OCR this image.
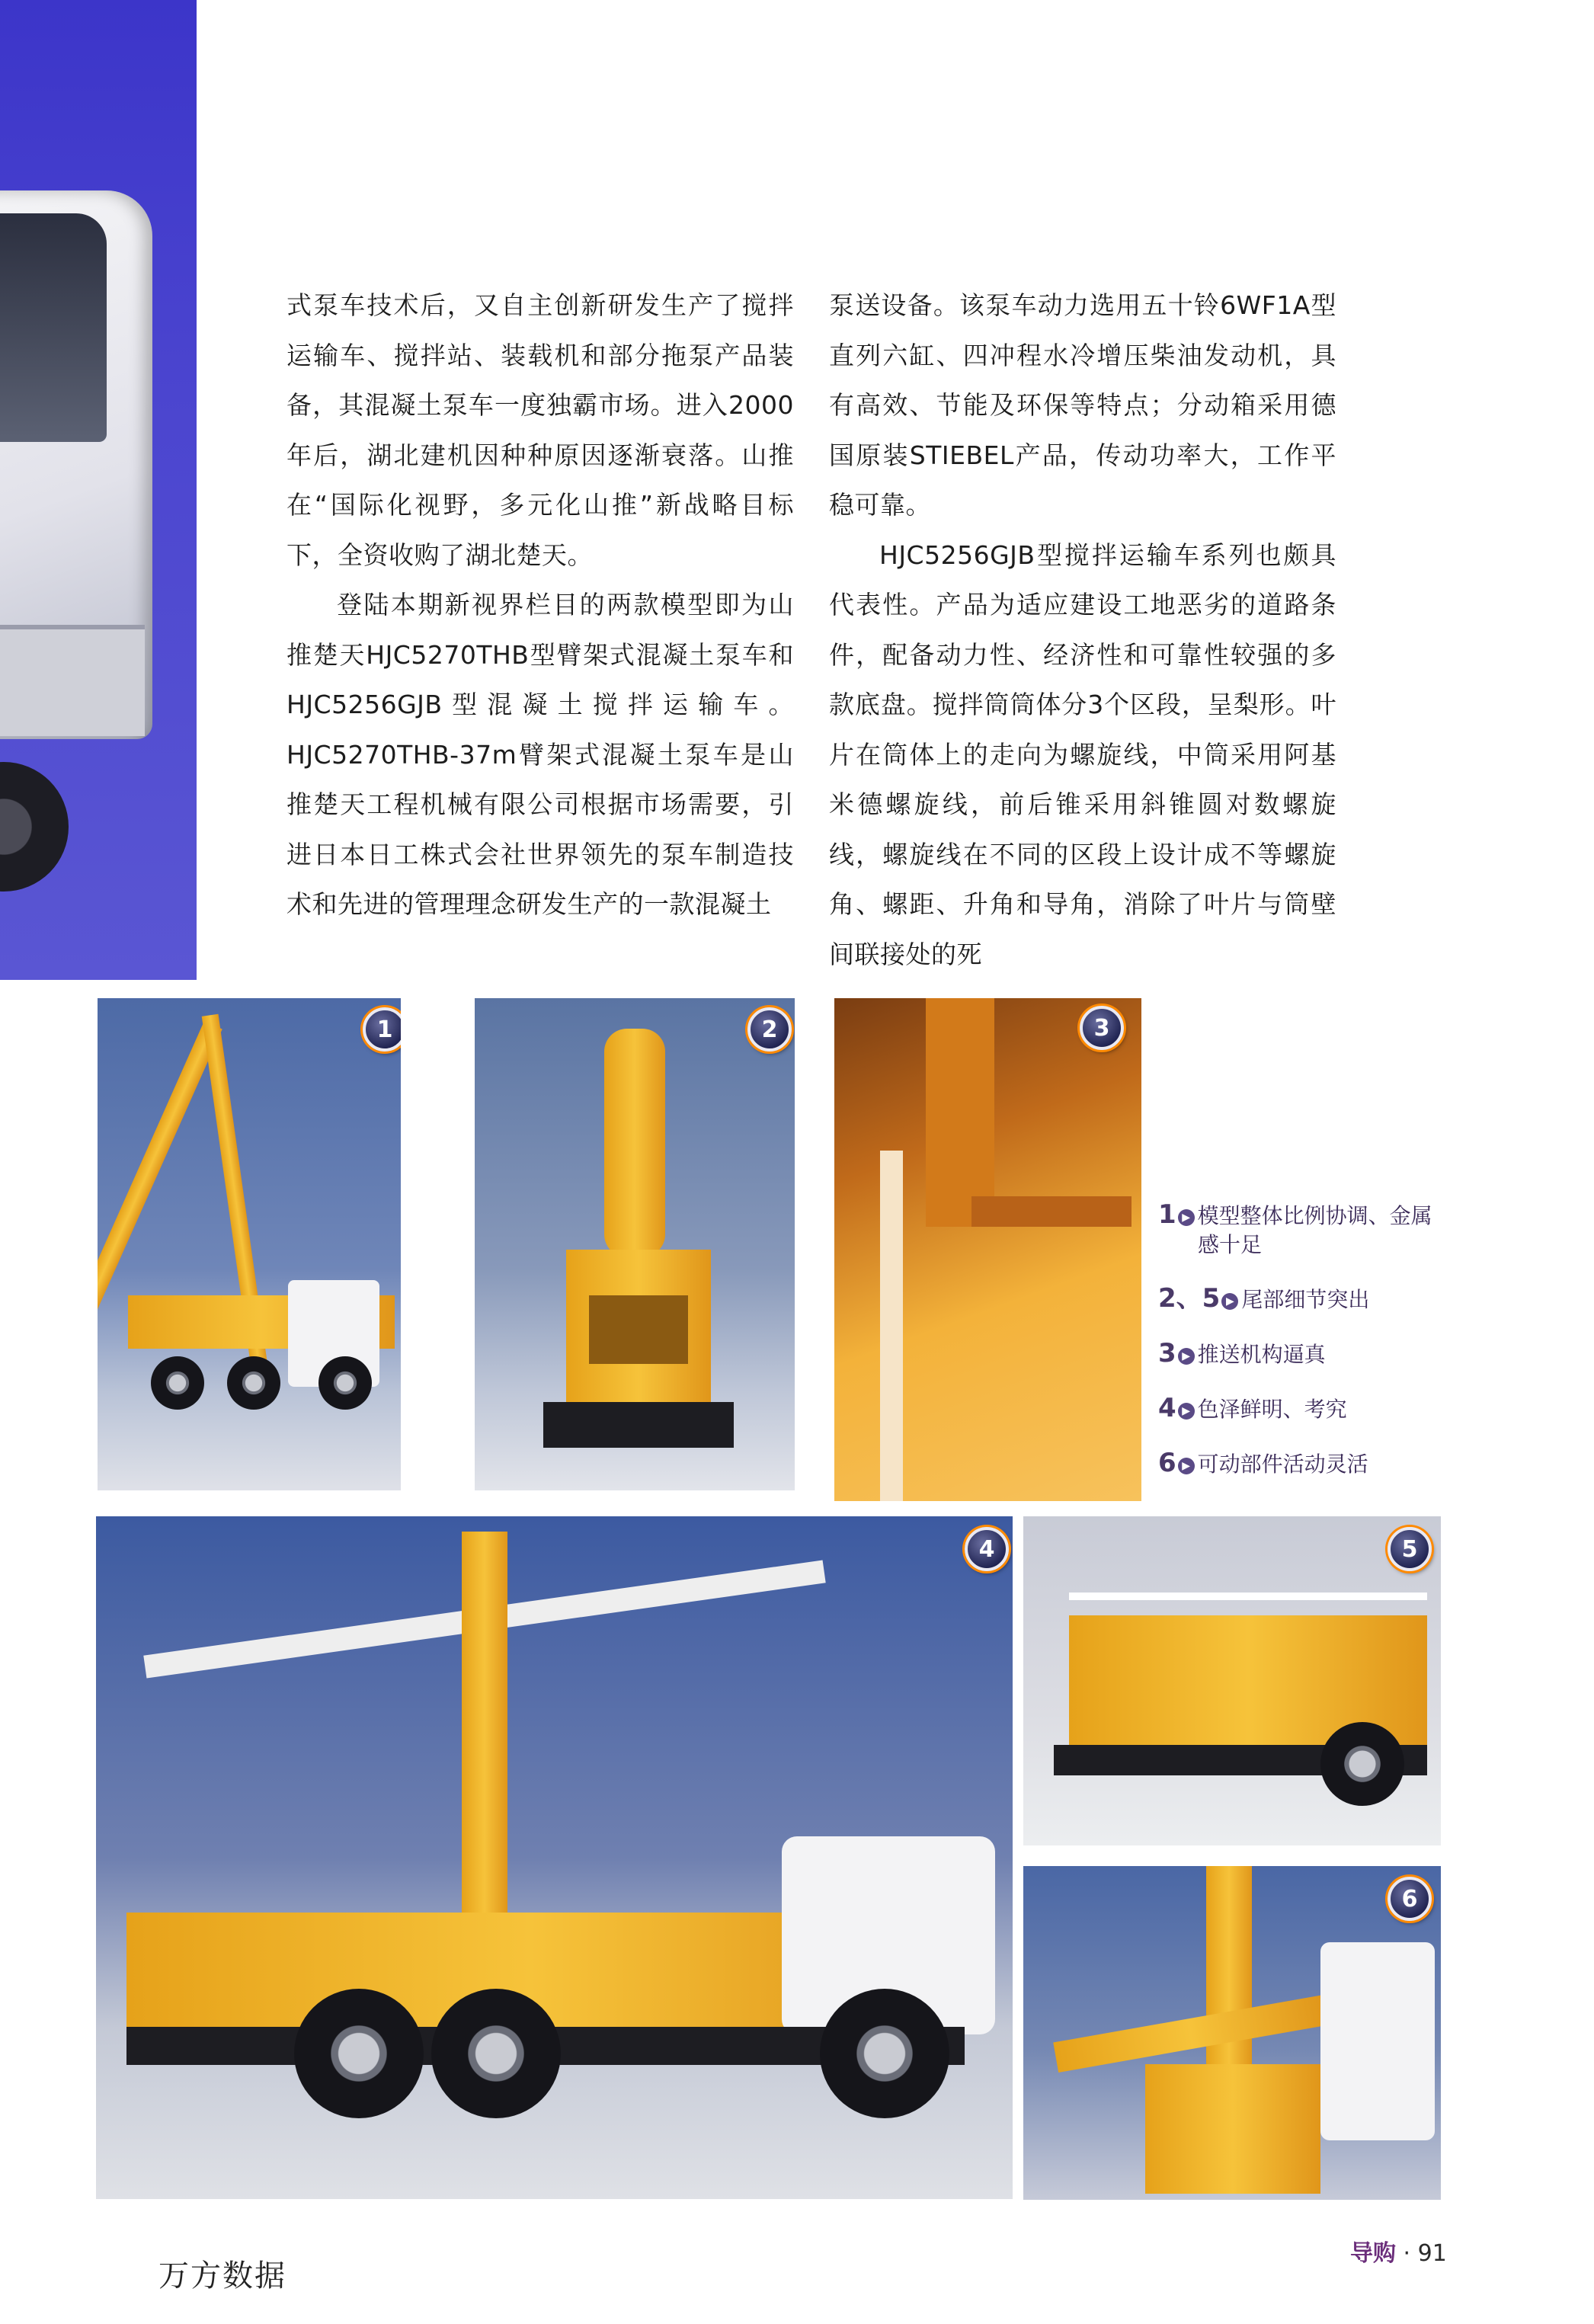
式泵车技术后，又自主创新研发生产了搅拌运输车、搅拌站、装载机和部分拖泵产品装备，其混凝土泵车一度独霸市场。进入2000年后，湖北建机因种种原因逐渐衰落。山推在“国际化视野，多元化山推”新战略目标下，全资收购了湖北楚天。

登陆本期新视界栏目的两款模型即为山推楚天HJC5270THB型臂架式混凝土泵车和HJC5256GJB型混凝土搅拌运输车。HJC5270THB-37m臂架式混凝土泵车是山推楚天工程机械有限公司根据市场需要，引进日本日工株式会社世界领先的泵车制造技术和先进的管理理念研发生产的一款混凝土

泵送设备。该泵车动力选用五十铃6WF1A型直列六缸、四冲程水冷增压柴油发动机，具有高效、节能及环保等特点；分动箱采用德国原装STIEBEL产品，传动功率大，工作平稳可靠。

HJC5256GJB型搅拌运输车系列也颇具代表性。产品为适应建设工地恶劣的道路条件，配备动力性、经济性和可靠性较强的多款底盘。搅拌筒筒体分3个区段，呈梨形。叶片在筒体上的走向为螺旋线，中筒采用阿基米德螺旋线，前后锥采用斜锥圆对数螺旋线，螺旋线在不同的区段上设计成不等螺旋角、螺距、升角和导角，消除了叶片与筒壁间联接处的死

1	2	3
4	5
6
1 ▶ 模型整体比例协调、金属
感十足
2、5 ▶ 尾部细节突出
3 ▶ 推送机构逼真
4 ▶ 色泽鲜明、考究
6 ▶ 可动部件活动灵活
万方数据
导购 · 91
